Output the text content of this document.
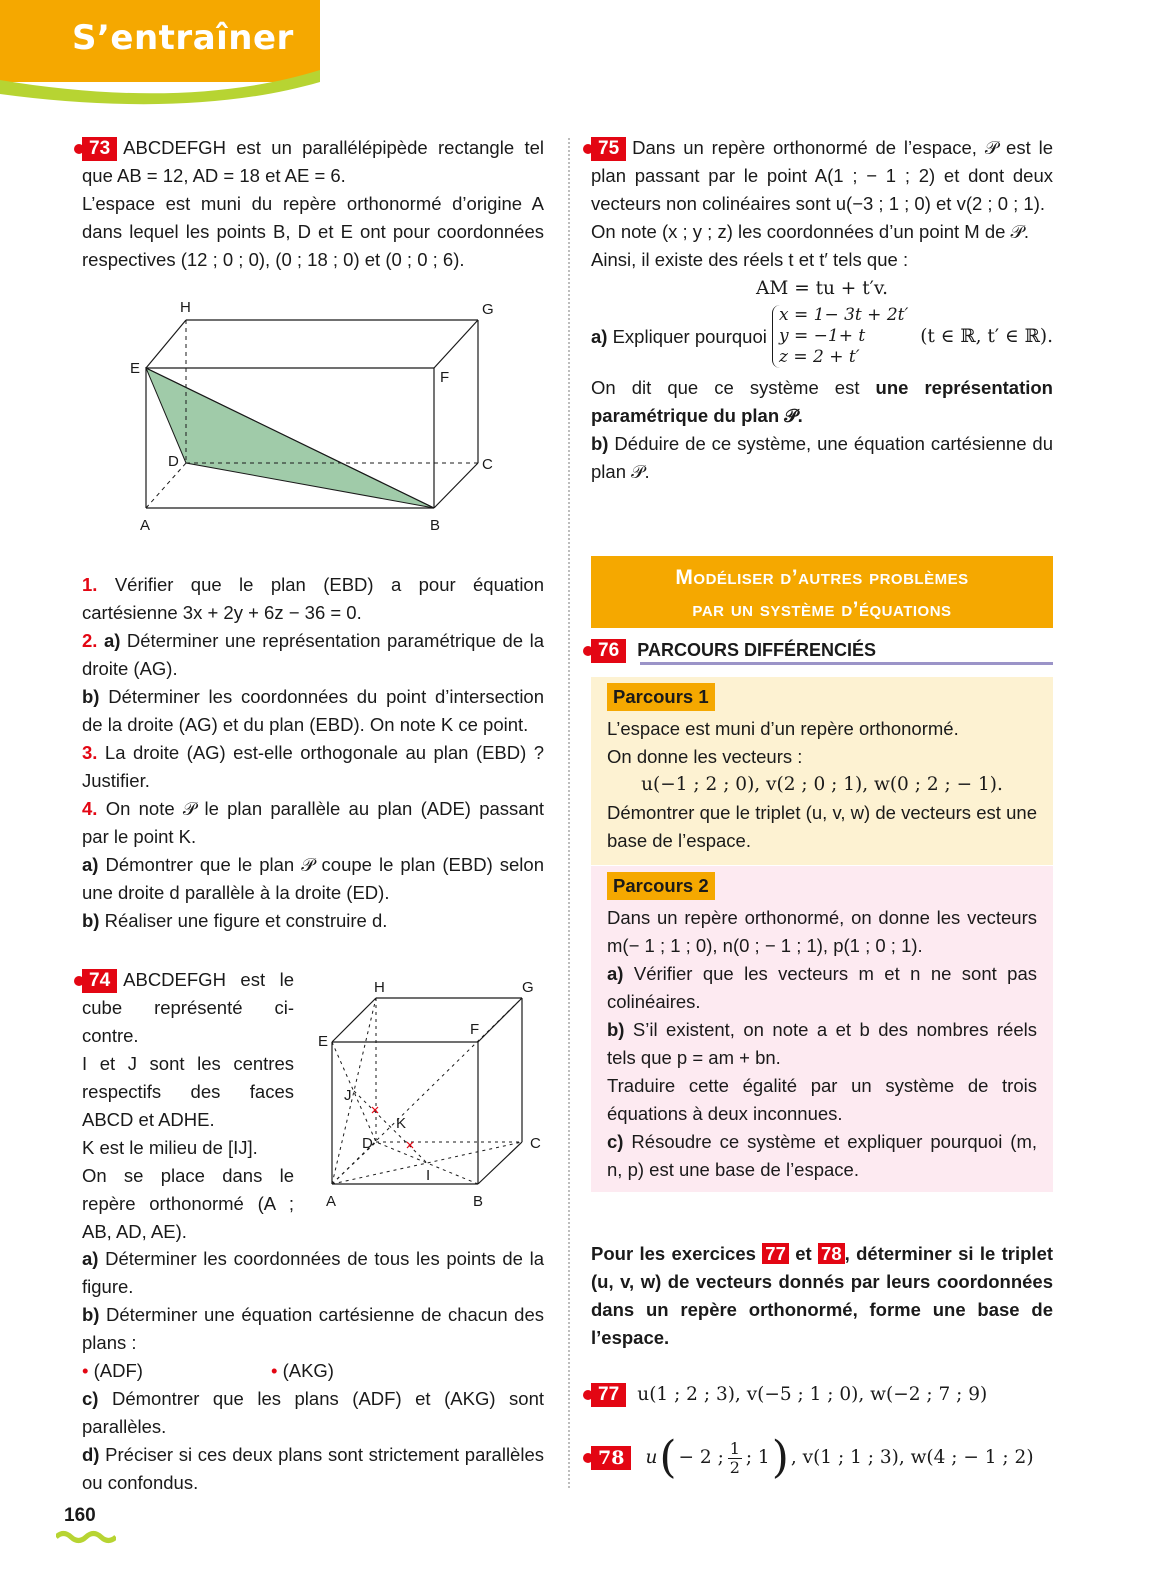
S’entraîner

73 ABCDEFGH est un parallélépipède rectangle tel que AB = 12, AD = 18 et AE = 6.

L’espace est muni du repère orthonormé d’origine A dans lequel les points B, D et E ont pour coordonnées respectives (12 ; 0 ; 0), (0 ; 18 ; 0) et (0 ; 0 ; 6).

A	B
C
D
E
F
G
H

1. Vérifier que le plan (EBD) a pour équation cartésienne 3x + 2y + 6z − 36 = 0.

2. a) Déterminer une représentation paramétrique de la droite (AG).

b) Déterminer les coordonnées du point d’intersection de la droite (AG) et du plan (EBD). On note K ce point.

3. La droite (AG) est-elle orthogonale au plan (EBD) ? Justifier.

4. On note 𝒫 le plan parallèle au plan (ADE) passant par le point K.

a) Démontrer que le plan 𝒫 coupe le plan (EBD) selon une droite d parallèle à la droite (ED).

b) Réaliser une figure et construire d.

74 ABCDEFGH est le cube représenté ci-contre.

I et J sont les centres respectifs des faces ABCD et ADHE.

K est le milieu de [IJ].

On se place dans le repère orthonormé (A ; AB, AD, AE).

A	B
C
D
E
F
G
H
I
J
K

a) Déterminer les coordonnées de tous les points de la figure.

b) Déterminer une équation cartésienne de chacun des plans :

• (ADF)	• (AKG)

c) Démontrer que les plans (ADF) et (AKG) sont parallèles.

d) Préciser si ces deux plans sont strictement parallèles ou confondus.

75 Dans un repère orthonormé de l’espace, 𝒫 est le plan passant par le point A(1 ; − 1 ; 2) et dont deux vecteurs non colinéaires sont u(−3 ; 1 ; 0) et v(2 ; 0 ; 1).

On note (x ; y ; z) les coordonnées d’un point M de 𝒫.

Ainsi, il existe des réels t et t′ tels que :

AM = tu + t′v.

a) Expliquer pourquoi
x = 1− 3t + 2t′
y = −1+ t
z = 2 + t′
(t ∈ ℝ, t′ ∈ ℝ).

On dit que ce système est une représentation paramétrique du plan 𝒫.

b) Déduire de ce système, une équation cartésienne du plan 𝒫.

Modéliser d’autres problèmes
par un système d’équations
76 PARCOURS DIFFÉRENCIÉS
Parcours 1

L’espace est muni d’un repère orthonormé.

On donne les vecteurs :

u(−1 ; 2 ; 0), v(2 ; 0 ; 1), w(0 ; 2 ; − 1).

Démontrer que le triplet (u, v, w) de vecteurs est une base de l’espace.

Parcours 2

Dans un repère orthonormé, on donne les vecteurs m(− 1 ; 1 ; 0), n(0 ; − 1 ; 1), p(1 ; 0 ; 1).

a) Vérifier que les vecteurs m et n ne sont pas colinéaires.

b) S’il existent, on note a et b des nombres réels tels que p = am + bn.

Traduire cette égalité par un système de trois équations à deux inconnues.

c) Résoudre ce système et expliquer pourquoi (m, n, p) est une base de l’espace.

Pour les exercices 77 et 78 , déterminer si le triplet (u, v, w) de vecteurs donnés par leurs coordonnées dans un repère orthonormé, forme une base de l’espace.

77 u(1 ; 2 ; 3), v(−5 ; 1 ; 0), w(−2 ; 7 ; 9)

78	u ( − 2 ; 1
2 ; 1 ) , v(1 ; 1 ; 3), w(4 ; − 1 ; 2)
160
